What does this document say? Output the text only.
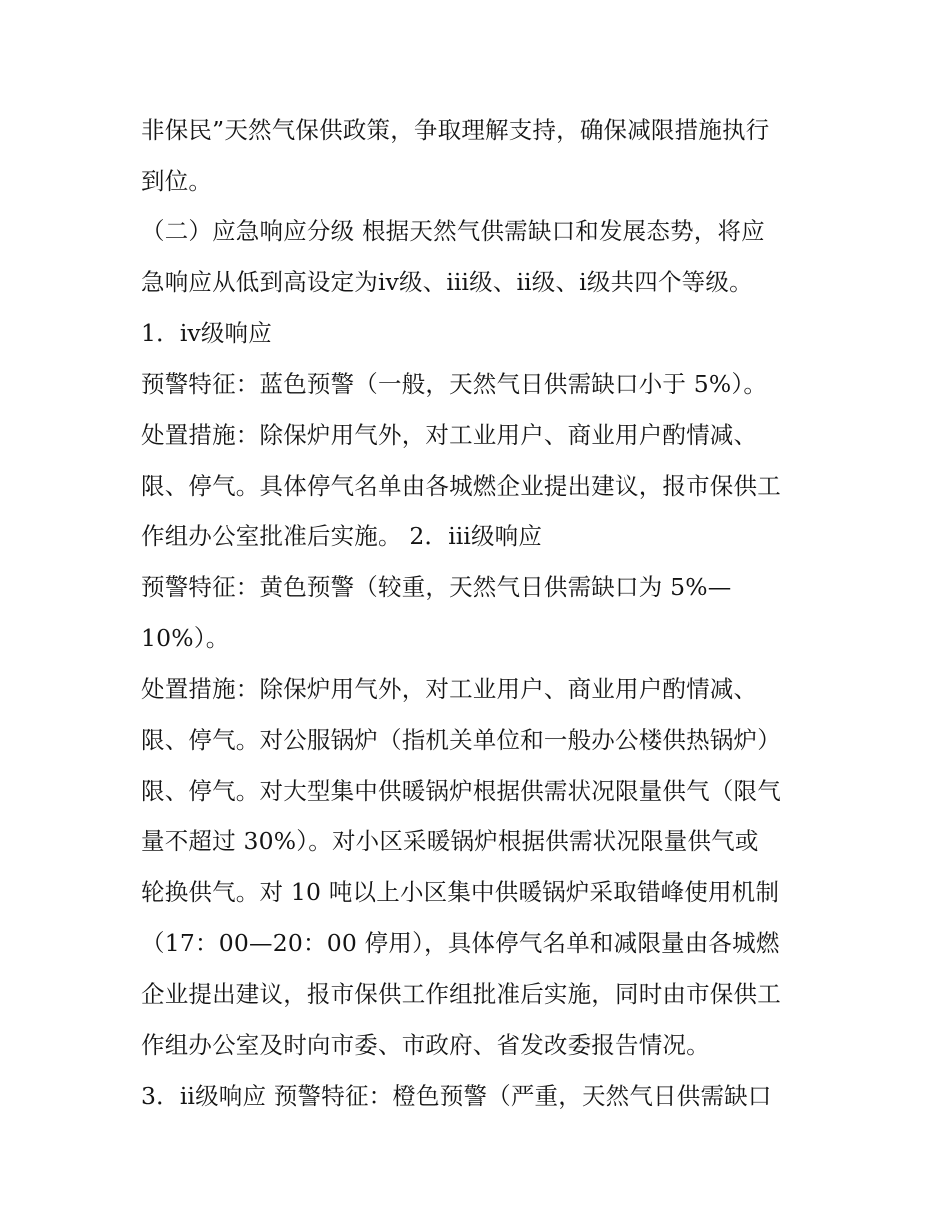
非保民”天然气保供政策，争取理解支持，确保减限措施执行
到位。
（二）应急响应分级 根据天然气供需缺口和发展态势，将应
急响应从低到高设定为ⅳ级、ⅲ级、ⅱ级、ⅰ级共四个等级。
1．ⅳ级响应
预警特征：蓝色预警（一般，天然气日供需缺口小于 5%）。
处置措施：除保炉用气外，对工业用户、商业用户酌情减、
限、停气。具体停气名单由各城燃企业提出建议，报市保供工
作组办公室批准后实施。 2．ⅲ级响应
预警特征：黄色预警（较重，天然气日供需缺口为 5%—
10%）。
处置措施：除保炉用气外，对工业用户、商业用户酌情减、
限、停气。对公服锅炉（指机关单位和一般办公楼供热锅炉）
限、停气。对大型集中供暖锅炉根据供需状况限量供气（限气
量不超过 30%）。对小区采暖锅炉根据供需状况限量供气或
轮换供气。对 10 吨以上小区集中供暖锅炉采取错峰使用机制
（17：00—20：00 停用），具体停气名单和减限量由各城燃
企业提出建议，报市保供工作组批准后实施，同时由市保供工
作组办公室及时向市委、市政府、省发改委报告情况。
3．ⅱ级响应 预警特征：橙色预警（严重，天然气日供需缺口
